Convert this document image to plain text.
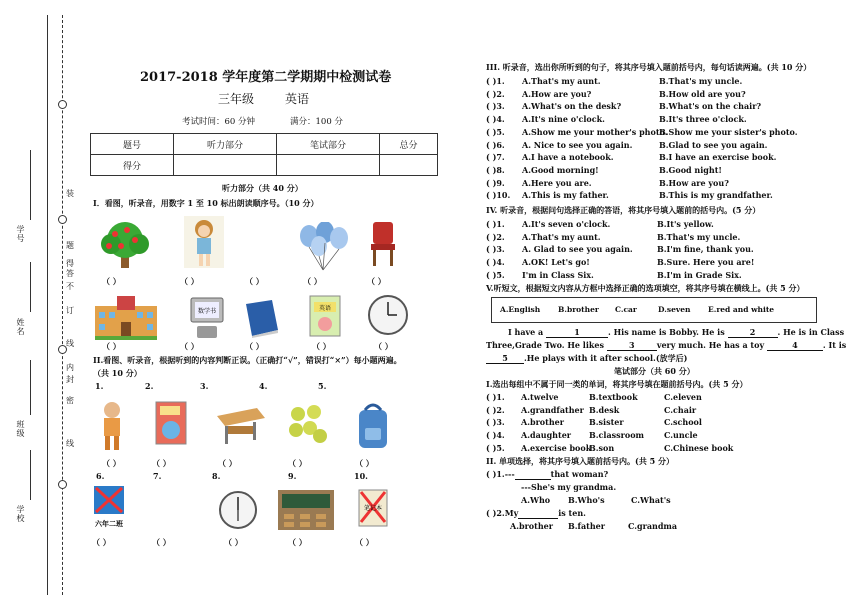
学号
姓名
班级
学校
装
订
线
内
不
得
答
题
密
封
线
2017-2018 学年度第二学期期中检测试卷
三年级	英语
考试时间：60 分钟	满分：100 分
题号	听力部分	笔试部分	总分
得分			
听力部分（共 40 分）
I．看图，听录音，用数字 1 至 10 标出朗读顺序号。（10 分）
（ ）	（ ）	（ ）	（ ）	（ ）
数学书	英语
（ ）	（ ）	（ ）	（ ）	（ ）
II.看图、听录音，根据听到的内容判断正误。（正确打“√”，错误打“×”）每小题两遍。
（共 10 分）
1.	2.	3.	4.	5.
（ ）	（ ）	（ ）	（ ）	（ ）
6.	7.	8.	9.	10.
六年二班
笔记本
（ ）	（ ）	（ ）	（ ）	（ ）
III. 听录音，选出你所听到的句子，将其序号填入题前括号内，每句话读两遍。(共 10 分）
( )1. A.That's my aunt.	B.That's my uncle.
( )2. A.How are you?	B.How old are you?
( )3. A.What's on the desk?	B.What's on the chair?
( )4. A.It's nine o'clock.	B.It's three o'clock.
( )5. A.Show me your mother's photo.
B.Show me your sister's photo.
( )6. A. Nice to see you again.	B.Glad to see you again.
( )7. A.I have a notebook.	B.I have an exercise book.
( )8. A.Good morning!	B.Good night!
( )9. A.Here you are.	B.How are you?
( )10. A.This is my father.	B.This is my grandfather.
IV. 听录音，根据问句选择正确的答语，将其序号填入题前的括号内。(5 分）
( )1. A.It's seven o'clock.	B.It's yellow.
( )2. A.That's my aunt.	B.That's my uncle.
( )3. A. Glad to see you again.	B.I'm fine, thank you.
( )4. A.OK! Let's go!	B.Sure. Here you are!
( )5. I'm in Class Six.	B.I'm in Grade Six.
V.听短文，根据短文内容从方框中选择正确的选项填空，将其序号填在横线上。(共 5 分）
A.English B.brother C.car	D.seven E.red and white
I have a	1	. His name is Bobby. He is	2	. He is in Class
Three,Grade Two. He likes	3	very much. He has a toy	4	. It is
5 .He plays with it after school.(放学后)
笔试部分（共 60 分）
I.选出每组中不属于同一类的单词，将其序号填在题前括号内。(共 5 分）
( )1. A.twelve	B.textbook	C.eleven
( )2. A.grandfather B.desk	C.chair
( )3. A.brother	B.sister	C.school
( )4. A.daughter B.classroom	C.uncle
( )5. A.exercise book
B.son	C.Chinese book
II. 单项选择，将其序号填入题前括号内。(共 5 分）
( )1.---	that woman?
---She's my grandma.
A.Who B.Who's	C.What's
( )2.My	is ten.
A.brother B.father	C.grandma
